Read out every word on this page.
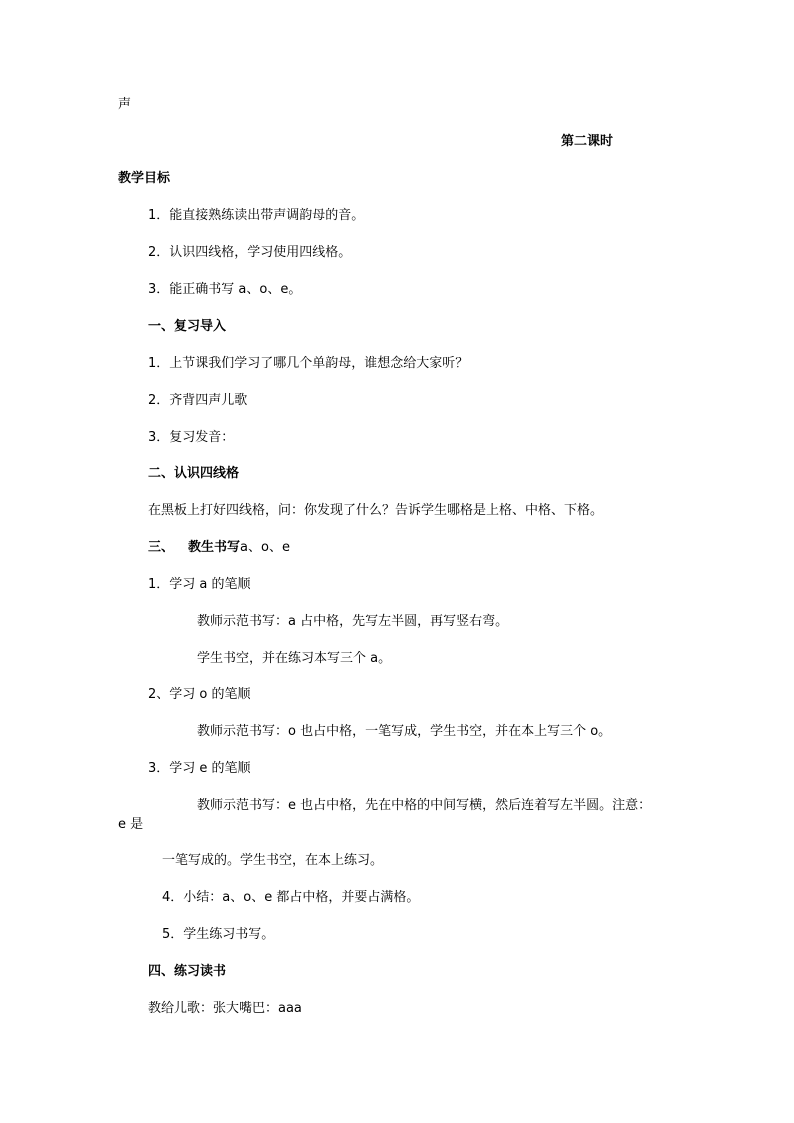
声
第二课时
教学目标
1．能直接熟练读出带声调韵母的音。
2．认识四线格，学习使用四线格。
3．能正确书写 a、o、e。
一、复习导入
1．上节课我们学习了哪几个单韵母，谁想念给大家听？
2．齐背四声儿歌
3．复习发音：
二、认识四线格
在黑板上打好四线格，问：你发现了什么？告诉学生哪格是上格、中格、下格。
三、 教生书写a、o、e
1．学习 a 的笔顺
教师示范书写：a 占中格，先写左半圆，再写竖右弯。
学生书空，并在练习本写三个 a。
2、学习 o 的笔顺
教师示范书写：o 也占中格，一笔写成，学生书空，并在本上写三个 o。
3．学习 e 的笔顺
教师示范书写：e 也占中格，先在中格的中间写横，然后连着写左半圆。注意：
e 是
一笔写成的。学生书空，在本上练习。
4．小结：a、o、e 都占中格，并要占满格。
5．学生练习书写。
四、练习读书
教给儿歌：张大嘴巴：aaa
